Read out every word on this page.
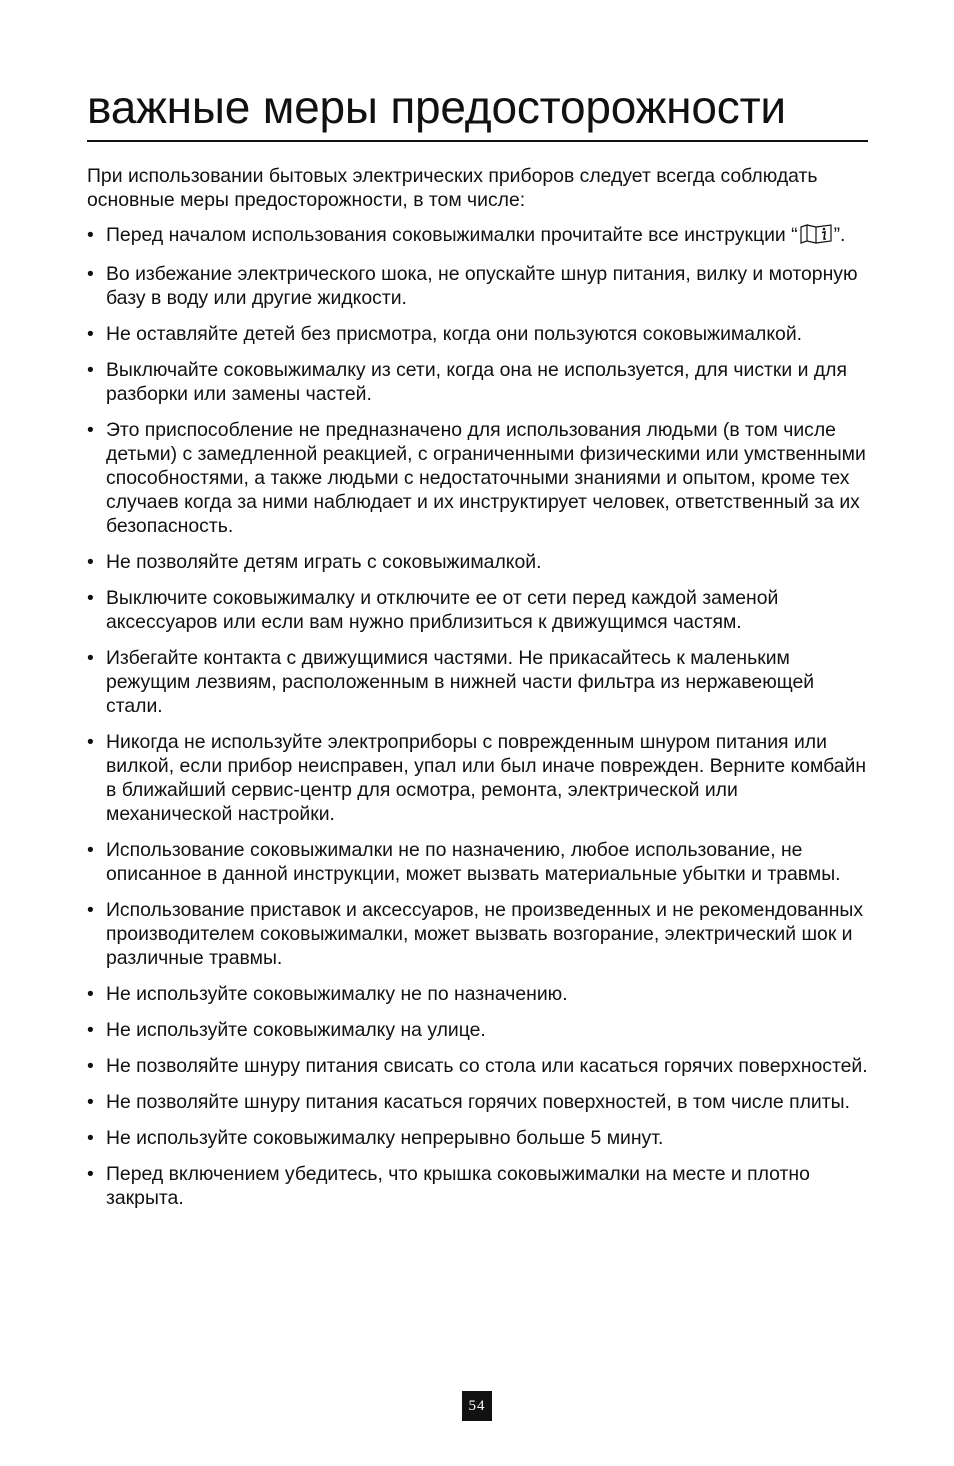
важные меры предосторожности

При использовании бытовых электрических приборов следует всегда соблюдать основные меры предосторожности, в том числе:

• Перед началом использования соковыжималки прочитайте все инструкции “ ”.
• Во избежание электрического шока, не опускайте шнур питания, вилку и моторную базу в воду или другие жидкости.
• Не оставляйте детей без присмотра, когда они пользуются соковыжималкой.
• Выключайте соковыжималку из сети, когда она не используется, для чистки и для разборки или замены частей.
• Это приспособление не предназначено для использования людьми (в том числе детьми) с замедленной реакцией, с ограниченными физическими или умственными способностями, а также людьми с недостаточными знаниями и опытом, кроме тех случаев когда за ними наблюдает и их инструктирует человек, ответственный за их безопасность.
• Не позволяйте детям играть с соковыжималкой.
• Выключите соковыжималку и отключите ее от сети перед каждой заменой аксессуаров или если вам нужно приблизиться к движущимся частям.
• Избегайте контакта с движущимися частями. Не прикасайтесь к маленьким режущим лезвиям, расположенным в нижней части фильтра из нержавеющей стали.
• Никогда не используйте электроприборы с поврежденным шнуром питания или вилкой, если прибор неисправен, упал или был иначе поврежден. Верните комбайн в ближайший сервис-центр для осмотра, ремонта, электрической или механической настройки.
• Использование соковыжималки не по назначению, любое использование, не описанное в данной инструкции, может вызвать материальные убытки и травмы.
• Использование приставок и аксессуаров, не произведенных и не рекомендованных производителем соковыжималки, может вызвать возгорание, электрический шок и различные травмы.
• Не используйте соковыжималку не по назначению.
• Не используйте соковыжималку на улице.
• Не позволяйте шнуру питания свисать со стола или касаться горячих поверхностей.
• Не позволяйте шнуру питания касаться горячих поверхностей, в том числе плиты.
• Не используйте соковыжималку непрерывно больше 5 минут.
• Перед включением убедитесь, что крышка соковыжималки на месте и плотно закрыта.
54
